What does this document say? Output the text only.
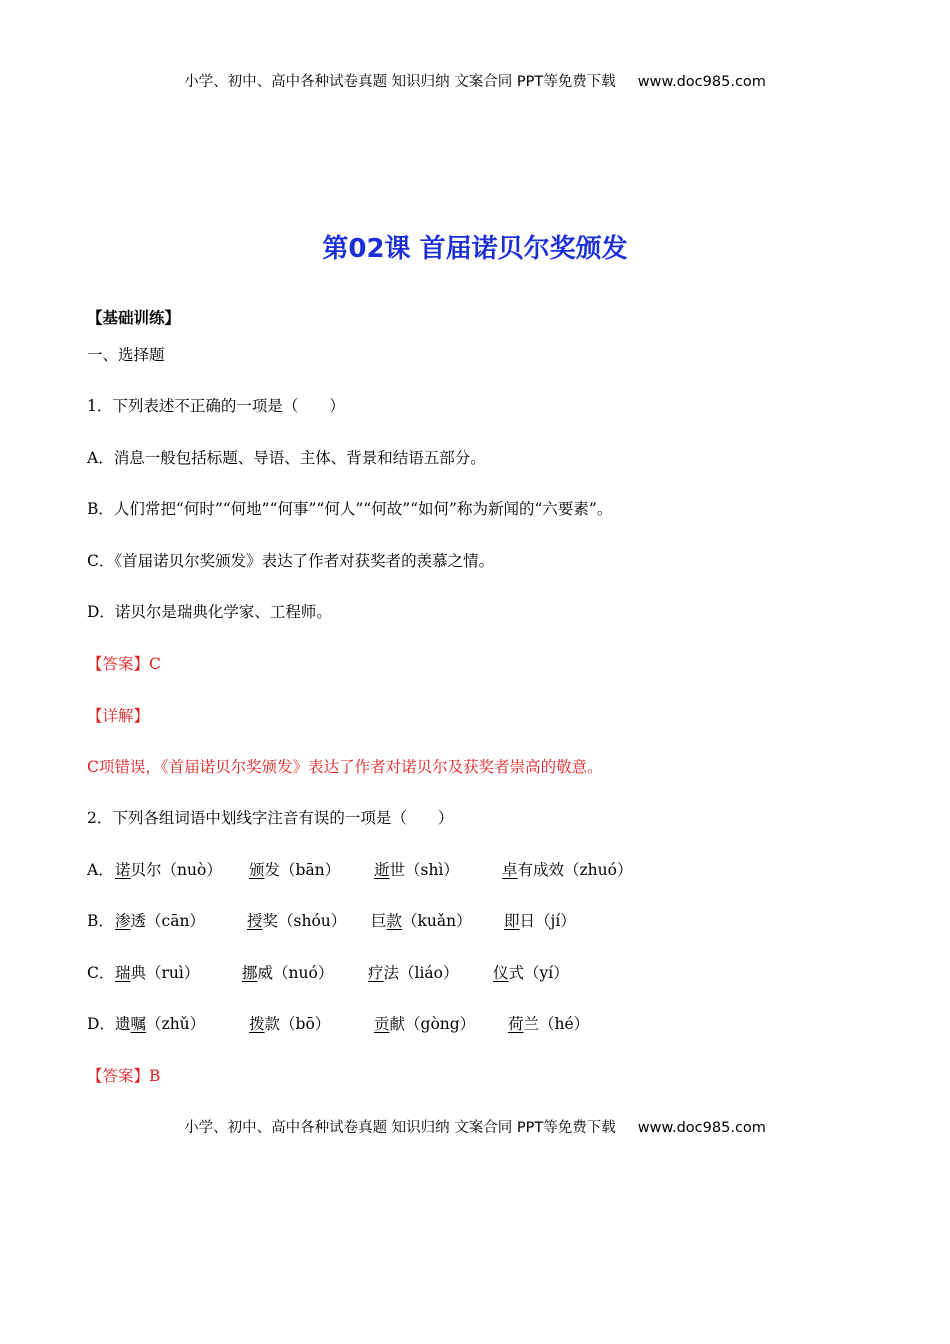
小学、初中、高中各种试卷真题 知识归纳 文案合同 PPT等免费下载 www.doc985.com
第02课 首届诺贝尔奖颁发
【基础训练】
一、选择题
1．下列表述不正确的一项是（　　）
A．消息一般包括标题、导语、主体、背景和结语五部分。
B．人们常把“何时”“何地”“何事”“何人”“何故”“如何”称为新闻的“六要素”。
C．《首届诺贝尔奖颁发》表达了作者对获奖者的羡慕之情。
D．诺贝尔是瑞典化学家、工程师。
【答案】C
【详解】
C项错误，《首届诺贝尔奖颁发》表达了作者对诺贝尔及获奖者崇高的敬意。
2．下列各组词语中划线字注音有误的一项是（　　）
A．诺贝尔（nuò） 颁发（bān） 逝世（shì）	卓有成效（zhuó）
B．渗透（cān）	授奖（shóu） 巨款（kuǎn） 即日（jí）
C．瑞典（ruì）	挪威（nuó） 疗法（liáo） 仪式（yí）
D．遗嘱（zhǔ）	拨款（bō）	贡献（gòng） 荷兰（hé）
【答案】B
小学、初中、高中各种试卷真题 知识归纳 文案合同 PPT等免费下载 www.doc985.com
